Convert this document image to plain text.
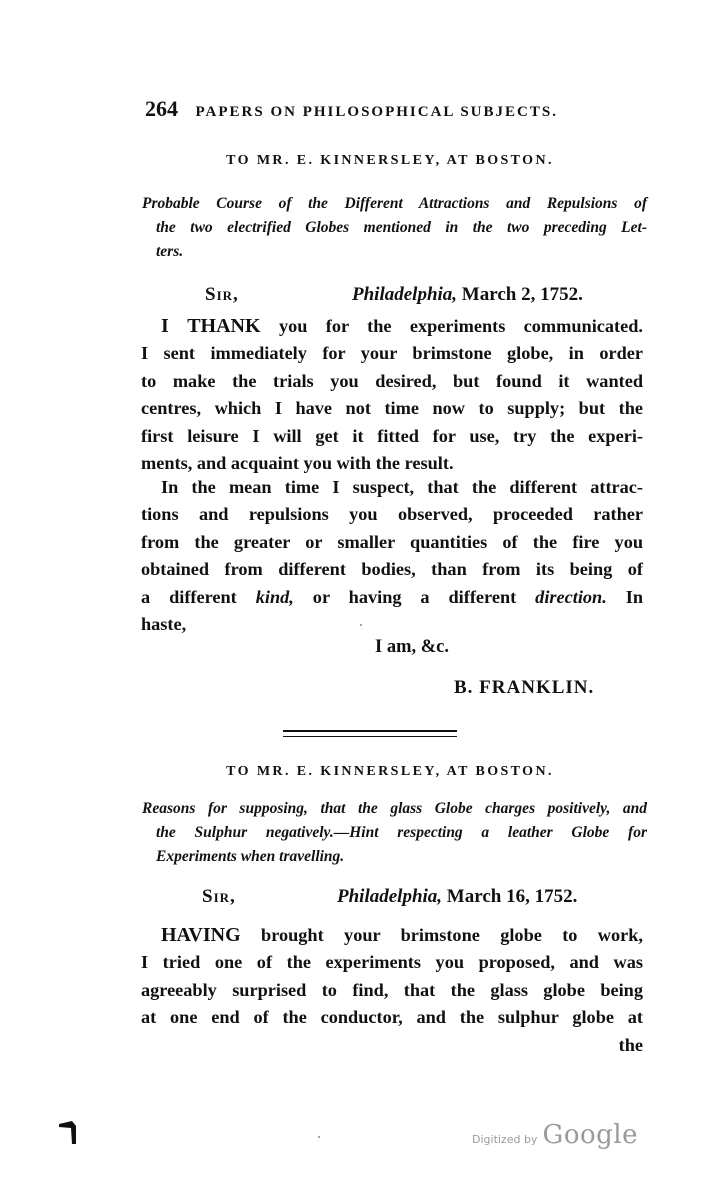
264 PAPERS ON PHILOSOPHICAL SUBJECTS.
TO MR. E. KINNERSLEY, AT BOSTON.
Probable Course of the Different Attractions and Repulsions of
the two electrified Globes mentioned in the two preceding Let-
ters.
Sir,	Philadelphia, March 2, 1752.
I THANK you for the experiments communicated.
I sent immediately for your brimstone globe, in order
to make the trials you desired, but found it wanted
centres, which I have not time now to supply; but the
first leisure I will get it fitted for use, try the experi-
ments, and acquaint you with the result.
In the mean time I suspect, that the different attrac-
tions and repulsions you observed, proceeded rather
from the greater or smaller quantities of the fire you
obtained from different bodies, than from its being of
a different kind, or having a different direction. In
haste,
I am, &c.
B. FRANKLIN.
TO MR. E. KINNERSLEY, AT BOSTON.
Reasons for supposing, that the glass Globe charges positively, and
the Sulphur negatively.—Hint respecting a leather Globe for
Experiments when travelling.
Sir,	Philadelphia, March 16, 1752.
HAVING brought your brimstone globe to work,
I tried one of the experiments you proposed, and was
agreeably surprised to find, that the glass globe being
at one end of the conductor, and the sulphur globe at
the
Digitized by Google
